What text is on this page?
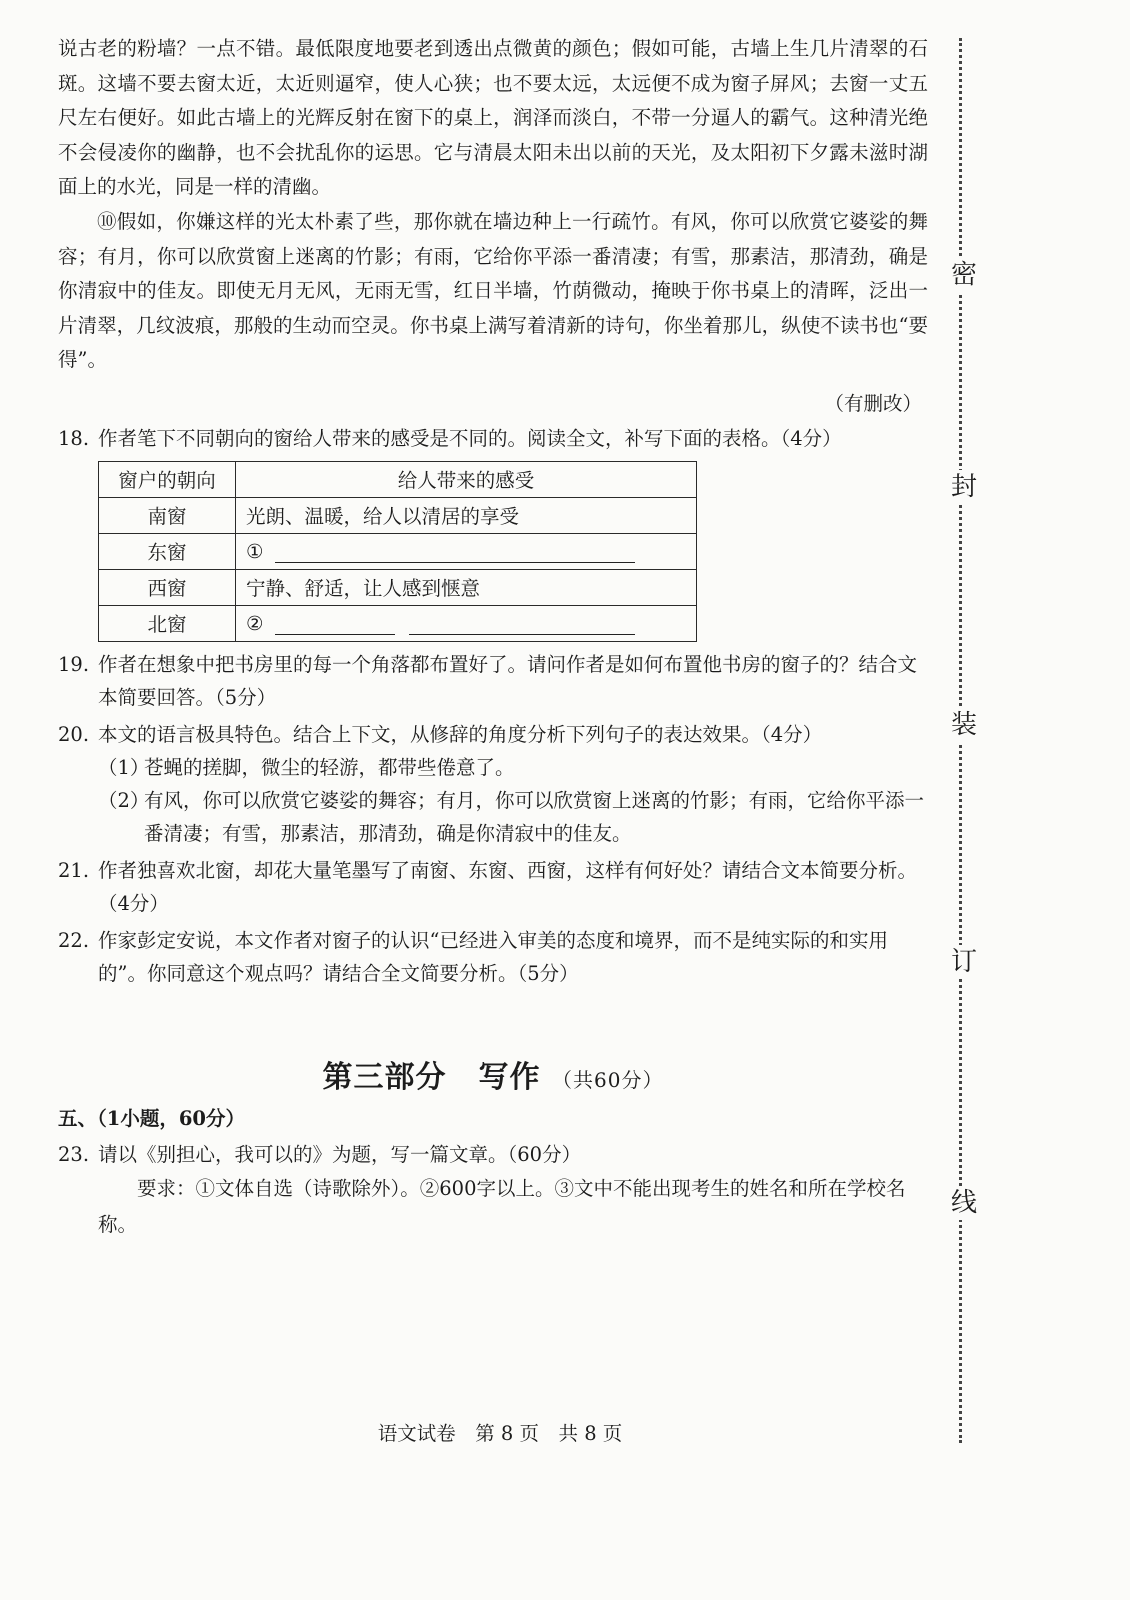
说古老的粉墙？一点不错。最低限度地要老到透出点微黄的颜色；假如可能，古墙上生几片清翠的石斑。这墙不要去窗太近，太近则逼窄，使人心狭；也不要太远，太远便不成为窗子屏风；去窗一丈五尺左右便好。如此古墙上的光辉反射在窗下的桌上，润泽而淡白，不带一分逼人的霸气。这种清光绝不会侵凌你的幽静，也不会扰乱你的运思。它与清晨太阳未出以前的天光，及太阳初下夕露未滋时湖面上的水光，同是一样的清幽。

⑩假如，你嫌这样的光太朴素了些，那你就在墙边种上一行疏竹。有风，你可以欣赏它婆娑的舞容；有月，你可以欣赏窗上迷离的竹影；有雨，它给你平添一番清凄；有雪，那素洁，那清劲，确是你清寂中的佳友。即使无月无风，无雨无雪，红日半墙，竹荫微动，掩映于你书桌上的清晖，泛出一片清翠，几纹波痕，那般的生动而空灵。你书桌上满写着清新的诗句，你坐着那儿，纵使不读书也“要得”。

（有删改）
18. 作者笔下不同朝向的窗给人带来的感受是不同的。阅读全文，补写下面的表格。（4分）
窗户的朝向	给人带来的感受
南窗	光朗、温暖，给人以清居的享受
东窗	①
西窗	宁静、舒适，让人感到惬意
北窗	②
19. 作者在想象中把书房里的每一个角落都布置好了。请问作者是如何布置他书房的窗子的？结合文本简要回答。（5分）
20. 本文的语言极具特色。结合上下文，从修辞的角度分析下列句子的表达效果。（4分）
（1）
苍蝇的搓脚，微尘的轻游，都带些倦意了。
（2）
有风，你可以欣赏它婆娑的舞容；有月，你可以欣赏窗上迷离的竹影；有雨，它给你平添一番清凄；有雪，那素洁，那清劲，确是你清寂中的佳友。
21. 作者独喜欢北窗，却花大量笔墨写了南窗、东窗、西窗，这样有何好处？请结合文本简要分析。（4分）
22. 作家彭定安说，本文作者对窗子的认识“已经进入审美的态度和境界，而不是纯实际的和实用的”。你同意这个观点吗？请结合全文简要分析。（5分）
第三部分 写作 （共60分）
五、（1小题，60分）
23. 请以《别担心，我可以的》为题，写一篇文章。（60分）
要求：①文体自选（诗歌除外）。②600字以上。③文中不能出现考生的姓名和所在学校名称。
语文试卷　第 8 页　共 8 页
密
封
装
订
线
